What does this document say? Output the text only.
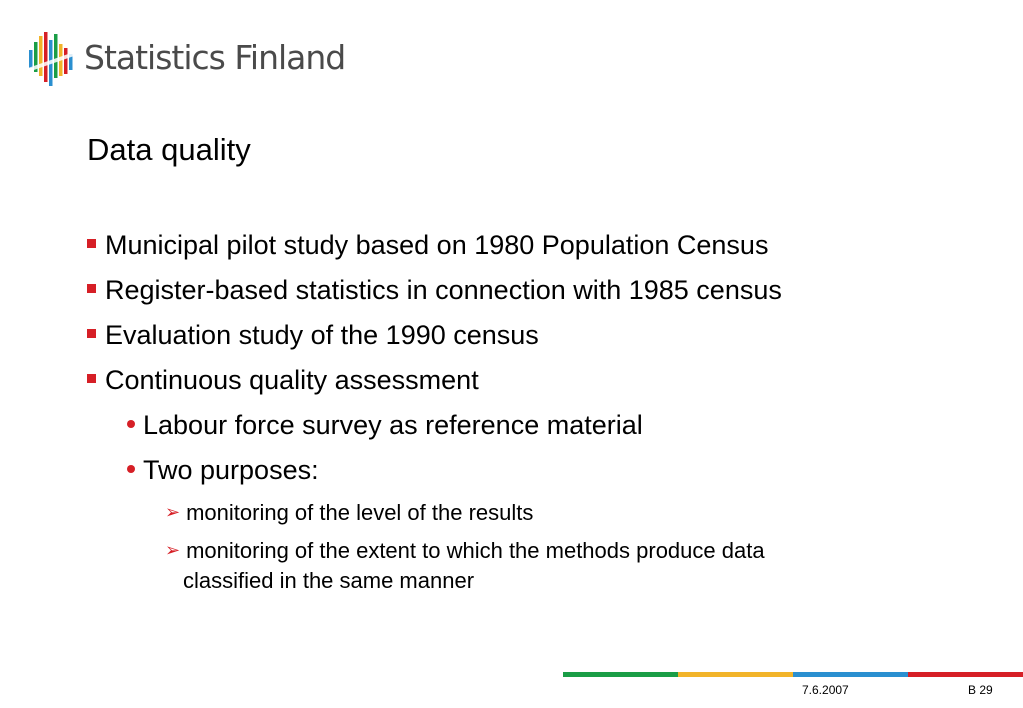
Statistics Finland
Data quality
Municipal pilot study based on 1980 Population Census
Register-based statistics in connection with 1985 census
Evaluation study of the 1990 census
Continuous quality assessment
Labour force survey as reference material
Two purposes:
➢ monitoring of the level of the results
➢ monitoring of the extent to which the methods produce data
classified in the same manner
7.6.2007	B 29
